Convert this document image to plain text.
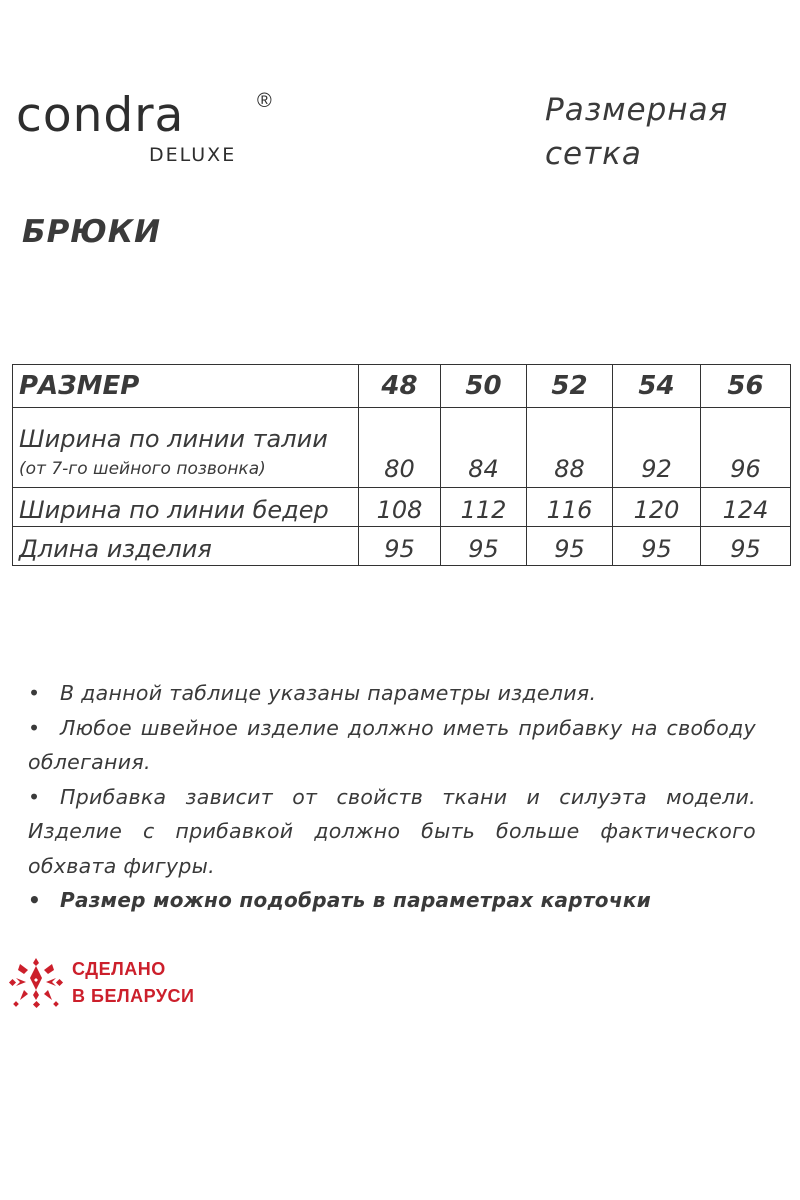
condra	®
DELUXE
Размерная
сетка
БРЮКИ
РАЗМЕР	48	50	52	54	56

Ширина по линии талии
(от 7-го шейного позвонка)	80	84	88	92	96
Ширина по линии бедер	108	112	116	120	124
Длина изделия	95	95	95	95	95

• В данной таблице указаны параметры изделия.

• Любое швейное изделие должно иметь прибавку на свободу облегания.

• Прибавка зависит от свойств ткани и силуэта модели. Изделие с прибавкой должно быть больше фактического обхвата фигуры.

• Размер можно подобрать в параметрах карточки

СДЕЛАНО
В БЕЛАРУСИ
